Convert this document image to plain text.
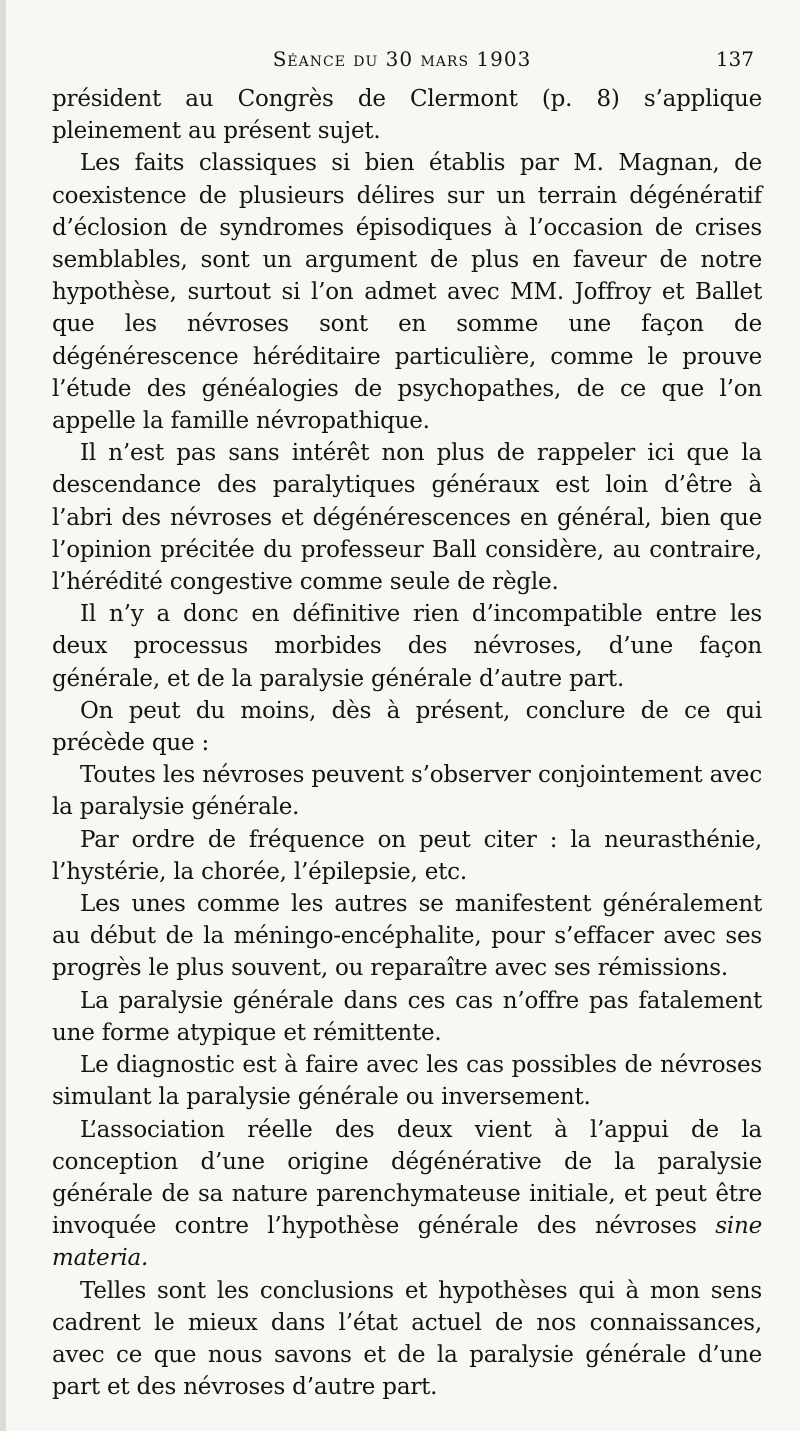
Séance du 30 mars 1903	137

président au Congrès de Clermont (p. 8) s’applique pleinement au présent sujet.

Les faits classiques si bien établis par M. Magnan, de coexistence de plusieurs délires sur un terrain dégénératif d’éclosion de syndromes épisodiques à l’occasion de crises semblables, sont un argument de plus en faveur de notre hypothèse, surtout si l’on admet avec MM. Joffroy et Ballet que les névroses sont en somme une façon de dégénérescence héréditaire particulière, comme le prouve l’étude des généalogies de psychopathes, de ce que l’on appelle la famille névropathique.

Il n’est pas sans intérêt non plus de rappeler ici que la descendance des paralytiques généraux est loin d’être à l’abri des névroses et dégénérescences en général, bien que l’opinion précitée du professeur Ball considère, au contraire, l’hérédité congestive comme seule de règle.

Il n’y a donc en définitive rien d’incompatible entre les deux processus morbides des névroses, d’une façon générale, et de la paralysie générale d’autre part.

On peut du moins, dès à présent, conclure de ce qui précède que :

Toutes les névroses peuvent s’observer conjointement avec la paralysie générale.

Par ordre de fréquence on peut citer : la neurasthénie, l’hystérie, la chorée, l’épilepsie, etc.

Les unes comme les autres se manifestent généralement au début de la méningo-encéphalite, pour s’effacer avec ses progrès le plus souvent, ou reparaître avec ses rémissions.

La paralysie générale dans ces cas n’offre pas fatalement une forme atypique et rémittente.

Le diagnostic est à faire avec les cas possibles de névroses simulant la paralysie générale ou inversement.

L’association réelle des deux vient à l’appui de la conception d’une origine dégénérative de la paralysie générale de sa nature parenchymateuse initiale, et peut être invoquée contre l’hypothèse générale des névroses sine materia.

Telles sont les conclusions et hypothèses qui à mon sens cadrent le mieux dans l’état actuel de nos connaissances, avec ce que nous savons et de la paralysie générale d’une part et des névroses d’autre part.
